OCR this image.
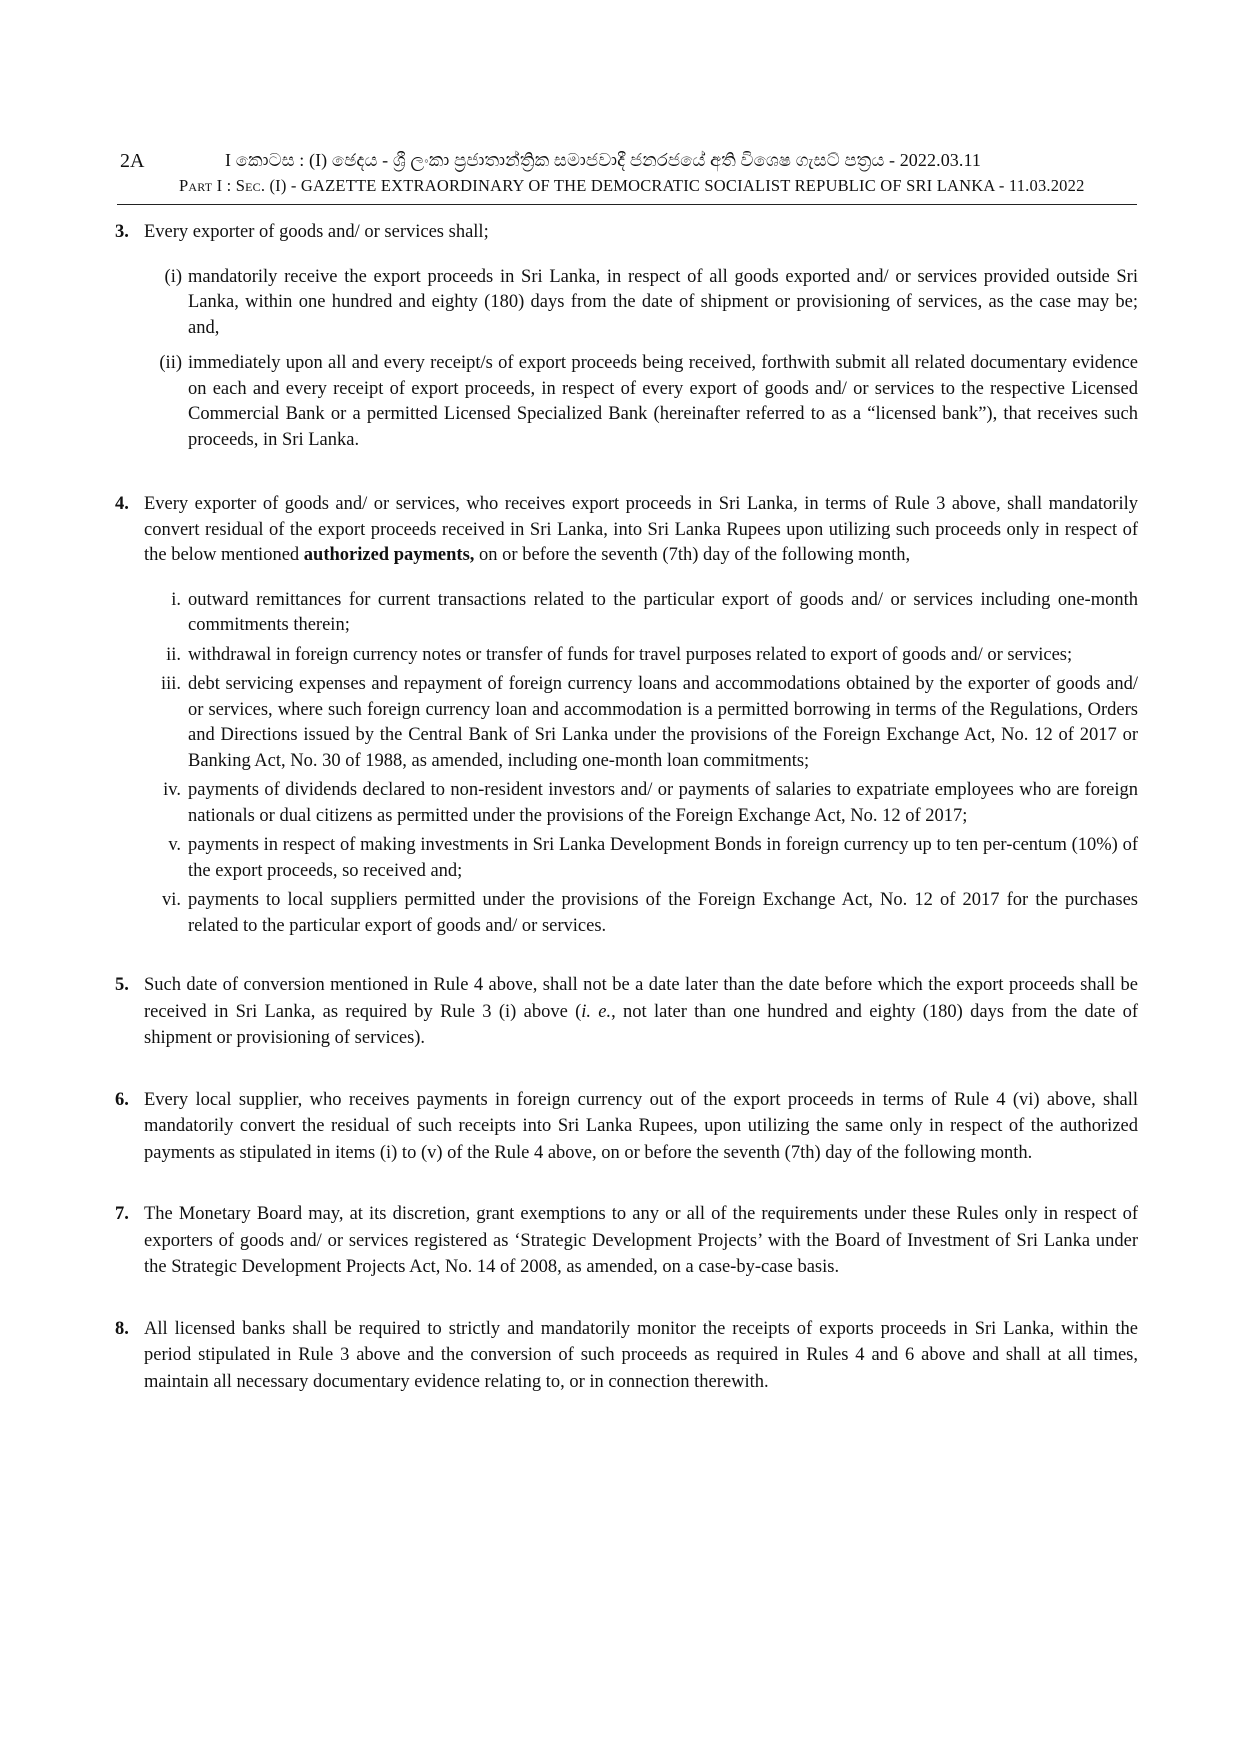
2A	I කොටස : (I) ඡෙදය - ශ්‍රී ලංකා ප්‍රජාතාන්ත්‍රික සමාජවාදී ජනරජයේ අති විශෙෂ ගැසට් පත්‍රය - 2022.03.11
Part I : Sec. (I) - GAZETTE EXTRAORDINARY OF THE DEMOCRATIC SOCIALIST REPUBLIC OF SRI LANKA - 11.03.2022

3. Every exporter of goods and/ or services shall;

(i) mandatorily receive the export proceeds in Sri Lanka, in respect of all goods exported and/ or services provided outside Sri Lanka, within one hundred and eighty (180) days from the date of shipment or provisioning of services, as the case may be; and,

(ii) immediately upon all and every receipt/s of export proceeds being received, forthwith submit all related documentary evidence on each and every receipt of export proceeds, in respect of every export of goods and/ or services to the respective Licensed Commercial Bank or a permitted Licensed Specialized Bank (hereinafter referred to as a “licensed bank”), that receives such proceeds, in Sri Lanka.

4. Every exporter of goods and/ or services, who receives export proceeds in Sri Lanka, in terms of Rule 3 above, shall mandatorily convert residual of the export proceeds received in Sri Lanka, into Sri Lanka Rupees upon utilizing such proceeds only in respect of the below mentioned authorized payments, on or before the seventh (7th) day of the following month,

i. outward remittances for current transactions related to the particular export of goods and/ or services including one-month commitments therein;

ii. withdrawal in foreign currency notes or transfer of funds for travel purposes related to export of goods and/ or services;

iii. debt servicing expenses and repayment of foreign currency loans and accommodations obtained by the exporter of goods and/ or services, where such foreign currency loan and accommodation is a permitted borrowing in terms of the Regulations, Orders and Directions issued by the Central Bank of Sri Lanka under the provisions of the Foreign Exchange Act, No. 12 of 2017 or Banking Act, No. 30 of 1988, as amended, including one-month loan commitments;

iv. payments of dividends declared to non-resident investors and/ or payments of salaries to expatriate employees who are foreign nationals or dual citizens as permitted under the provisions of the Foreign Exchange Act, No. 12 of 2017;

v. payments in respect of making investments in Sri Lanka Development Bonds in foreign currency up to ten per-centum (10%) of the export proceeds, so received and;

vi. payments to local suppliers permitted under the provisions of the Foreign Exchange Act, No. 12 of 2017 for the purchases related to the particular export of goods and/ or services.

5. Such date of conversion mentioned in Rule 4 above, shall not be a date later than the date before which the export proceeds shall be received in Sri Lanka, as required by Rule 3 (i) above (i. e., not later than one hundred and eighty (180) days from the date of shipment or provisioning of services).

6. Every local supplier, who receives payments in foreign currency out of the export proceeds in terms of Rule 4 (vi) above, shall mandatorily convert the residual of such receipts into Sri Lanka Rupees, upon utilizing the same only in respect of the authorized payments as stipulated in items (i) to (v) of the Rule 4 above, on or before the seventh (7th) day of the following month.

7. The Monetary Board may, at its discretion, grant exemptions to any or all of the requirements under these Rules only in respect of exporters of goods and/ or services registered as ‘Strategic Development Projects’ with the Board of Investment of Sri Lanka under the Strategic Development Projects Act, No. 14 of 2008, as amended, on a case-by-case basis.

8. All licensed banks shall be required to strictly and mandatorily monitor the receipts of exports proceeds in Sri Lanka, within the period stipulated in Rule 3 above and the conversion of such proceeds as required in Rules 4 and 6 above and shall at all times, maintain all necessary documentary evidence relating to, or in connection therewith.
